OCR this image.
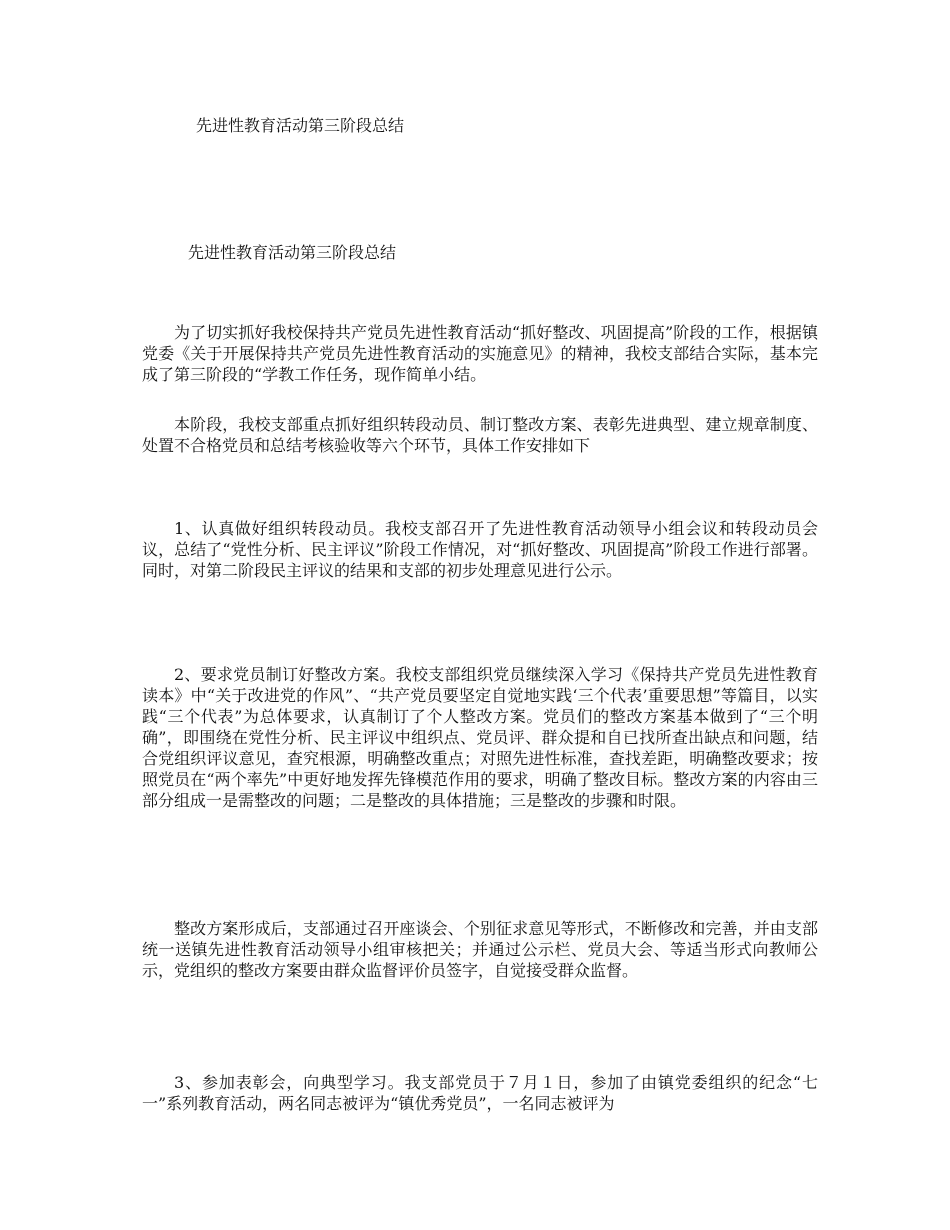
先进性教育活动第三阶段总结
先进性教育活动第三阶段总结

为了切实抓好我校保持共产党员先进性教育活动“抓好整改、巩固提高”阶段的工作，根据镇党委《关于开展保持共产党员先进性教育活动的实施意见》的精神，我校支部结合实际，基本完成了第三阶段的“学教工作任务，现作简单小结。

本阶段，我校支部重点抓好组织转段动员、制订整改方案、表彰先进典型、建立规章制度、处置不合格党员和总结考核验收等六个环节，具体工作安排如下

1、认真做好组织转段动员。我校支部召开了先进性教育活动领导小组会议和转段动员会议，总结了“党性分析、民主评议”阶段工作情况，对“抓好整改、巩固提高”阶段工作进行部署。同时，对第二阶段民主评议的结果和支部的初步处理意见进行公示。

2、要求党员制订好整改方案。我校支部组织党员继续深入学习《保持共产党员先进性教育读本》中“关于改进党的作风”、“共产党员要坚定自觉地实践‘三个代表’重要思想”等篇目，以实践“三个代表”为总体要求，认真制订了个人整改方案。党员们的整改方案基本做到了“三个明确”，即围绕在党性分析、民主评议中组织点、党员评、群众提和自已找所查出缺点和问题，结合党组织评议意见，查究根源，明确整改重点；对照先进性标准，查找差距，明确整改要求；按照党员在“两个率先”中更好地发挥先锋模范作用的要求，明确了整改目标。整改方案的内容由三部分组成一是需整改的问题；二是整改的具体措施；三是整改的步骤和时限。

整改方案形成后，支部通过召开座谈会、个别征求意见等形式，不断修改和完善，并由支部统一送镇先进性教育活动领导小组审核把关；并通过公示栏、党员大会、等适当形式向教师公示，党组织的整改方案要由群众监督评价员签字，自觉接受群众监督。

3、参加表彰会，向典型学习。我支部党员于７月１日，参加了由镇党委组织的纪念“七一”系列教育活动，两名同志被评为“镇优秀党员”，一名同志被评为
